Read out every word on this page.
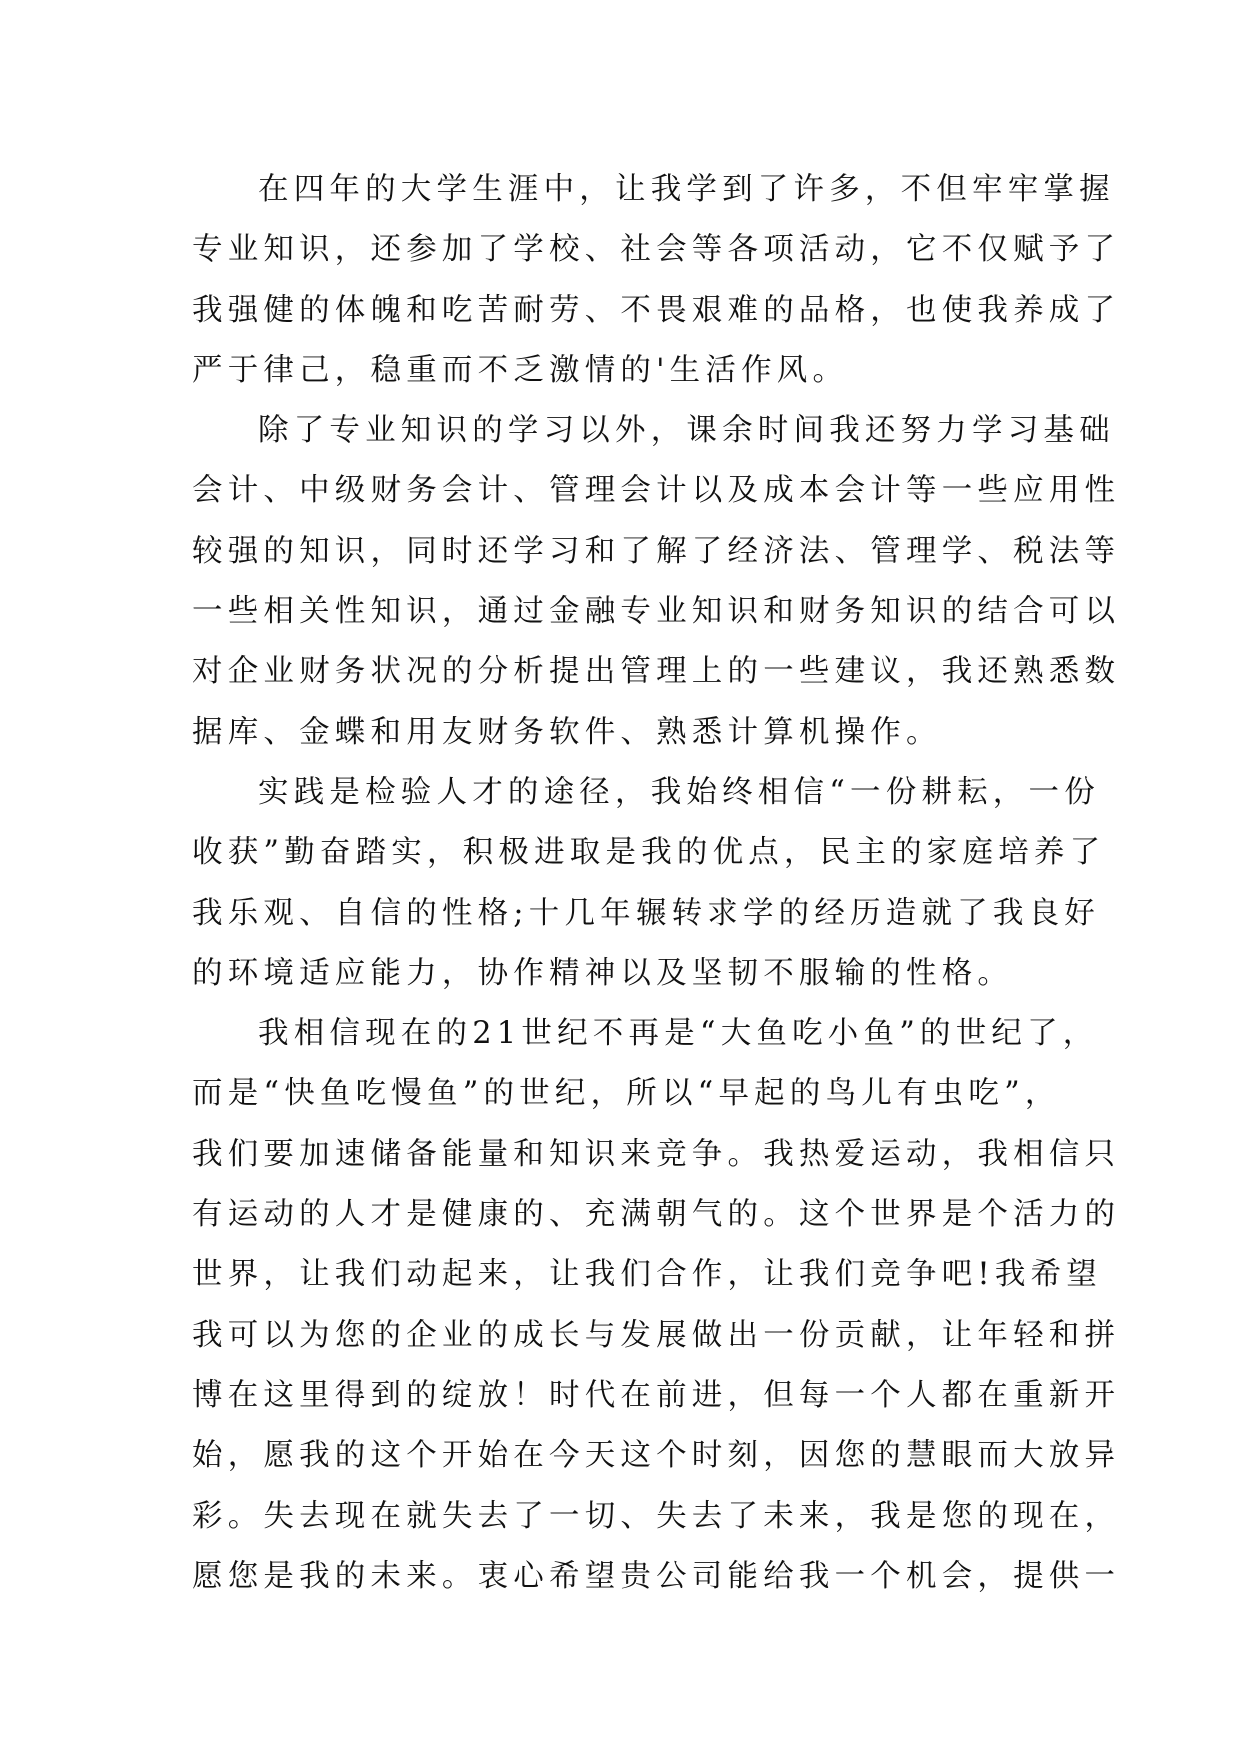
在四年的大学生涯中，让我学到了许多，不但牢牢掌握
专业知识，还参加了学校、社会等各项活动，它不仅赋予了
我强健的体魄和吃苦耐劳、不畏艰难的品格，也使我养成了
严于律己，稳重而不乏激情的'生活作风。
除了专业知识的学习以外，课余时间我还努力学习基础
会计、中级财务会计、管理会计以及成本会计等一些应用性
较强的知识，同时还学习和了解了经济法、管理学、税法等
一些相关性知识，通过金融专业知识和财务知识的结合可以
对企业财务状况的分析提出管理上的一些建议，我还熟悉数
据库、金蝶和用友财务软件、熟悉计算机操作。
实践是检验人才的途径，我始终相信“一份耕耘，一份
收获”勤奋踏实，积极进取是我的优点，民主的家庭培养了
我乐观、自信的性格;十几年辗转求学的经历造就了我良好
的环境适应能力，协作精神以及坚韧不服输的性格。
我相信现在的21世纪不再是“大鱼吃小鱼”的世纪了，
而是“快鱼吃慢鱼”的世纪，所以“早起的鸟儿有虫吃”，
我们要加速储备能量和知识来竞争。我热爱运动，我相信只
有运动的人才是健康的、充满朝气的。这个世界是个活力的
世界，让我们动起来，让我们合作，让我们竞争吧!我希望
我可以为您的企业的成长与发展做出一份贡献，让年轻和拼
博在这里得到的绽放！时代在前进，但每一个人都在重新开
始，愿我的这个开始在今天这个时刻，因您的慧眼而大放异
彩。失去现在就失去了一切、失去了未来，我是您的现在，
愿您是我的未来。衷心希望贵公司能给我一个机会，提供一
